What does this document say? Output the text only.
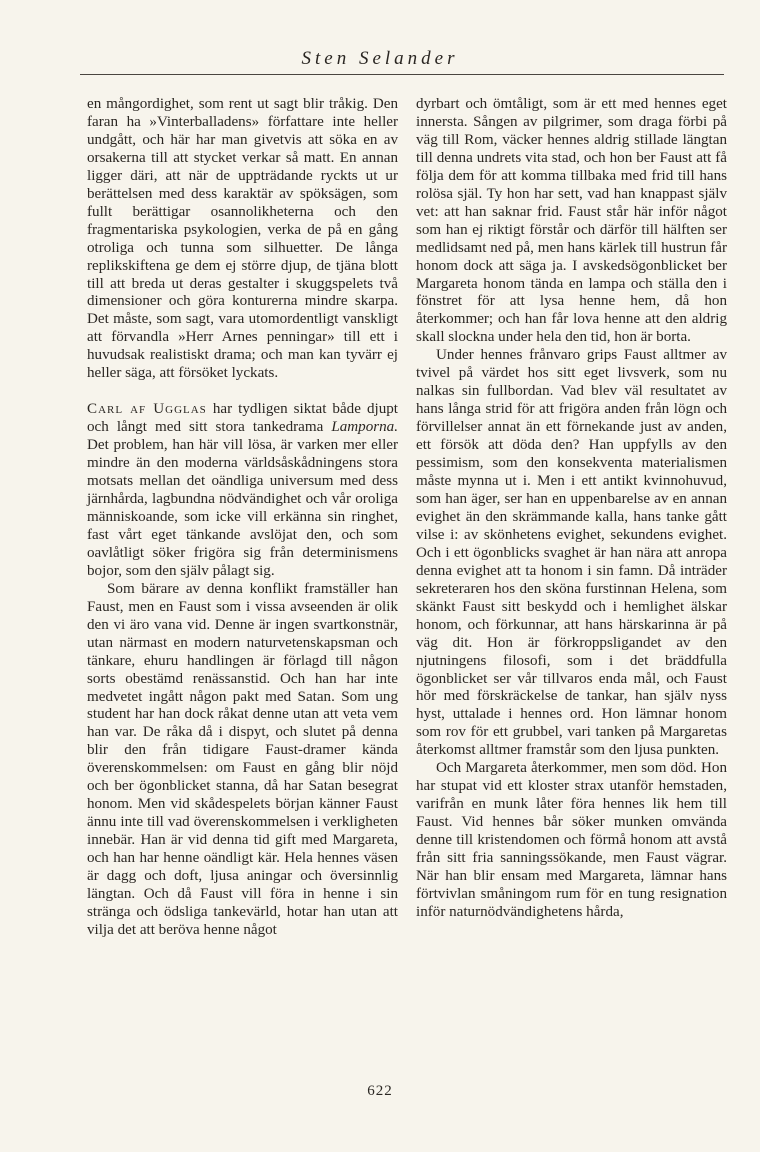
Sten Selander

en mångordighet, som rent ut sagt blir tråkig. Den faran ha »Vinterballadens» författare inte heller undgått, och här har man givetvis att söka en av orsakerna till att stycket verkar så matt. En annan ligger däri, att när de uppträdande ryckts ut ur berättelsen med dess karaktär av spöksägen, som fullt berättigar osannolikheterna och den fragmentariska psykologien, verka de på en gång otroliga och tunna som silhuetter. De långa replikskiftena ge dem ej större djup, de tjäna blott till att breda ut deras gestalter i skuggspelets två dimensioner och göra konturerna mindre skarpa. Det måste, som sagt, vara utomordentligt vanskligt att förvandla »Herr Arnes penningar» till ett i huvudsak realistiskt drama; och man kan tyvärr ej heller säga, att försöket lyckats.

Carl af Ugglas har tydligen siktat både djupt och långt med sitt stora tankedrama Lamporna. Det problem, han här vill lösa, är varken mer eller mindre än den moderna världsåskådningens stora motsats mellan det oändliga universum med dess järnhårda, lagbundna nödvändighet och vår oroliga människoande, som icke vill erkänna sin ringhet, fast vårt eget tänkande avslöjat den, och som oavlåtligt söker frigöra sig från determinismens bojor, som den själv pålagt sig.

Som bärare av denna konflikt framställer han Faust, men en Faust som i vissa avseenden är olik den vi äro vana vid. Denne är ingen svartkonstnär, utan närmast en modern naturvetenskapsman och tänkare, ehuru handlingen är förlagd till någon sorts obestämd renässanstid. Och han har inte medvetet ingått någon pakt med Satan. Som ung student har han dock råkat denne utan att veta vem han var. De råka då i dispyt, och slutet på denna blir den från tidigare Faust-dramer kända överenskommelsen: om Faust en gång blir nöjd och ber ögonblicket stanna, då har Satan besegrat honom. Men vid skådespelets början känner Faust ännu inte till vad överenskommelsen i verkligheten innebär. Han är vid denna tid gift med Margareta, och han har henne oändligt kär. Hela hennes väsen är dagg och doft, ljusa aningar och översinnlig längtan. Och då Faust vill föra in henne i sin stränga och ödsliga tankevärld, hotar han utan att vilja det att beröva henne något

dyrbart och ömtåligt, som är ett med hennes eget innersta. Sången av pilgrimer, som draga förbi på väg till Rom, väcker hennes aldrig stillade längtan till denna undrets vita stad, och hon ber Faust att få följa dem för att komma tillbaka med frid till hans rolösa själ. Ty hon har sett, vad han knappast själv vet: att han saknar frid. Faust står här inför något som han ej riktigt förstår och därför till hälften ser medlidsamt ned på, men hans kärlek till hustrun får honom dock att säga ja. I avskedsögonblicket ber Margareta honom tända en lampa och ställa den i fönstret för att lysa henne hem, då hon återkommer; och han får lova henne att den aldrig skall slockna under hela den tid, hon är borta.

Under hennes frånvaro grips Faust alltmer av tvivel på värdet hos sitt eget livsverk, som nu nalkas sin fullbordan. Vad blev väl resultatet av hans långa strid för att frigöra anden från lögn och förvillelser annat än ett förnekande just av anden, ett försök att döda den? Han uppfylls av den pessimism, som den konsekventa materialismen måste mynna ut i. Men i ett antikt kvinnohuvud, som han äger, ser han en uppenbarelse av en annan evighet än den skrämmande kalla, hans tanke gått vilse i: av skönhetens evighet, sekundens evighet. Och i ett ögonblicks svaghet är han nära att anropa denna evighet att ta honom i sin famn. Då inträder sekreteraren hos den sköna furstinnan Helena, som skänkt Faust sitt beskydd och i hemlighet älskar honom, och förkunnar, att hans härskarinna är på väg dit. Hon är förkroppsligandet av den njutningens filosofi, som i det bräddfulla ögonblicket ser vår tillvaros enda mål, och Faust hör med förskräckelse de tankar, han själv nyss hyst, uttalade i hennes ord. Hon lämnar honom som rov för ett grubbel, vari tanken på Margaretas återkomst alltmer framstår som den ljusa punkten.

Och Margareta återkommer, men som död. Hon har stupat vid ett kloster strax utanför hemstaden, varifrån en munk låter föra hennes lik hem till Faust. Vid hennes bår söker munken omvända denne till kristendomen och förmå honom att avstå från sitt fria sanningssökande, men Faust vägrar. När han blir ensam med Margareta, lämnar hans förtvivlan småningom rum för en tung resignation inför naturnödvändighetens hårda,

622
